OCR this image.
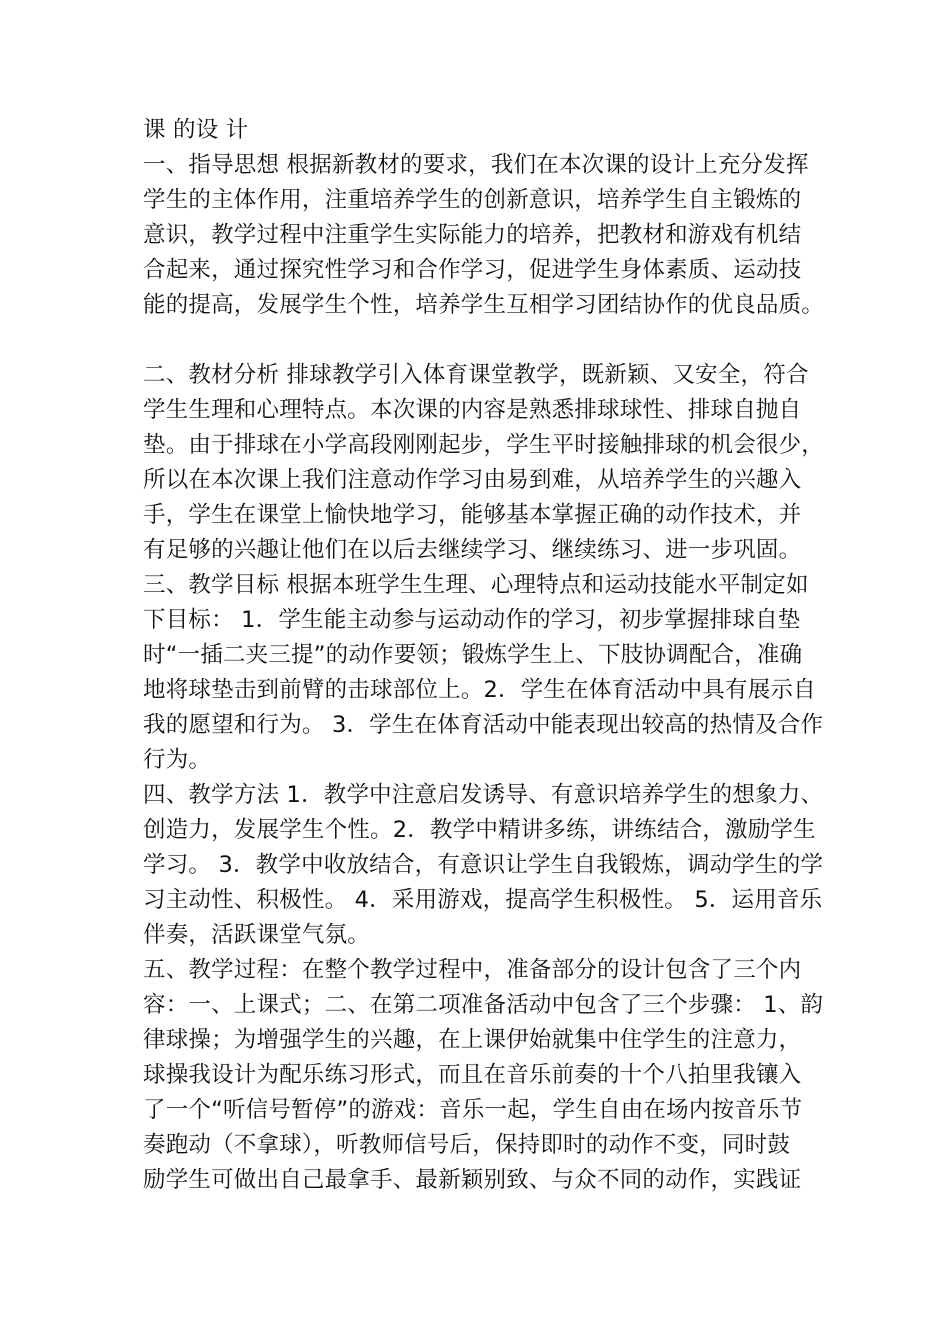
课 的设 计
一、指导思想 根据新教材的要求，我们在本次课的设计上充分发挥
学生的主体作用，注重培养学生的创新意识，培养学生自主锻炼的
意识，教学过程中注重学生实际能力的培养，把教材和游戏有机结
合起来，通过探究性学习和合作学习，促进学生身体素质、运动技
能的提高，发展学生个性，培养学生互相学习团结协作的优良品质。
二、教材分析 排球教学引入体育课堂教学，既新颖、又安全，符合
学生生理和心理特点。本次课的内容是熟悉排球球性、排球自抛自
垫。由于排球在小学高段刚刚起步，学生平时接触排球的机会很少，
所以在本次课上我们注意动作学习由易到难，从培养学生的兴趣入
手，学生在课堂上愉快地学习，能够基本掌握正确的动作技术，并
有足够的兴趣让他们在以后去继续学习、继续练习、进一步巩固。
三、教学目标 根据本班学生生理、心理特点和运动技能水平制定如
下目标： 1．学生能主动参与运动动作的学习，初步掌握排球自垫
时“一插二夹三提”的动作要领；锻炼学生上、下肢协调配合，准确
地将球垫击到前臂的击球部位上。2．学生在体育活动中具有展示自
我的愿望和行为。 3．学生在体育活动中能表现出较高的热情及合作
行为。
四、教学方法 1．教学中注意启发诱导、有意识培养学生的想象力、
创造力，发展学生个性。2．教学中精讲多练，讲练结合，激励学生
学习。 3．教学中收放结合，有意识让学生自我锻炼，调动学生的学
习主动性、积极性。 4．采用游戏，提高学生积极性。 5．运用音乐
伴奏，活跃课堂气氛。
五、教学过程：在整个教学过程中，准备部分的设计包含了三个内
容：一、上课式；二、在第二项准备活动中包含了三个步骤： 1、韵
律球操；为增强学生的兴趣，在上课伊始就集中住学生的注意力，
球操我设计为配乐练习形式，而且在音乐前奏的十个八拍里我镶入
了一个“听信号暂停”的游戏：音乐一起，学生自由在场内按音乐节
奏跑动（不拿球），听教师信号后，保持即时的动作不变，同时鼓
励学生可做出自己最拿手、最新颖别致、与众不同的动作，实践证
